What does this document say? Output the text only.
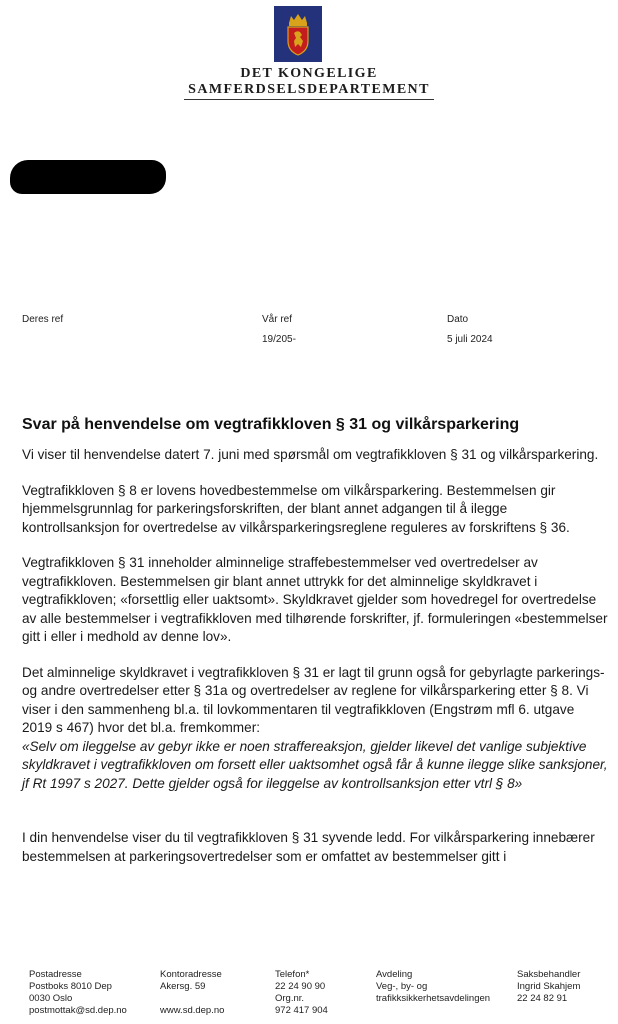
DET KONGELIGE
SAMFERDSELSDEPARTEMENT
Deres ref	Vår ref
19/205-
Dato
5 juli 2024
Svar på henvendelse om vegtrafikkloven § 31 og vilkårsparkering

Vi viser til henvendelse datert 7. juni med spørsmål om vegtrafikkloven § 31 og vilkårsparkering.

Vegtrafikkloven § 8 er lovens hovedbestemmelse om vilkårsparkering. Bestemmelsen gir hjemmelsgrunnlag for parkeringsforskriften, der blant annet adgangen til å ilegge kontrollsanksjon for overtredelse av vilkårsparkeringsreglene reguleres av forskriftens § 36.

Vegtrafikkloven § 31 inneholder alminnelige straffebestemmelser ved overtredelser av vegtrafikkloven. Bestemmelsen gir blant annet uttrykk for det alminnelige skyldkravet i vegtrafikkloven; «forsettlig eller uaktsomt». Skyldkravet gjelder som hovedregel for overtredelse av alle bestemmelser i vegtrafikkloven med tilhørende forskrifter, jf. formuleringen «bestemmelser gitt i eller i medhold av denne lov».

Det alminnelige skyldkravet i vegtrafikkloven § 31 er lagt til grunn også for gebyrlagte parkerings- og andre overtredelser etter § 31a og overtredelser av reglene for vilkårsparkering etter § 8. Vi viser i den sammenheng bl.a. til lovkommentaren til vegtrafikkloven (Engstrøm mfl 6. utgave 2019 s 467) hvor det bl.a. fremkommer:

«Selv om ileggelse av gebyr ikke er noen straffereaksjon, gjelder likevel det vanlige subjektive skyldkravet i vegtrafikkloven om forsett eller uaktsomhet også får å kunne ilegge slike sanksjoner, jf Rt 1997 s 2027. Dette gjelder også for ileggelse av kontrollsanksjon etter vtrl § 8»

I din henvendelse viser du til vegtrafikkloven § 31 syvende ledd. For vilkårsparkering innebærer bestemmelsen at parkeringsovertredelser som er omfattet av bestemmelser gitt i

Postadresse
Postboks 8010 Dep
0030 Oslo
postmottak@sd.dep.no
Kontoradresse
Akersg. 59

www.sd.dep.no
Telefon*
22 24 90 90
Org.nr.
972 417 904
Avdeling
Veg-, by- og
trafikksikkerhetsavdelingen
Saksbehandler
Ingrid Skahjem
22 24 82 91
